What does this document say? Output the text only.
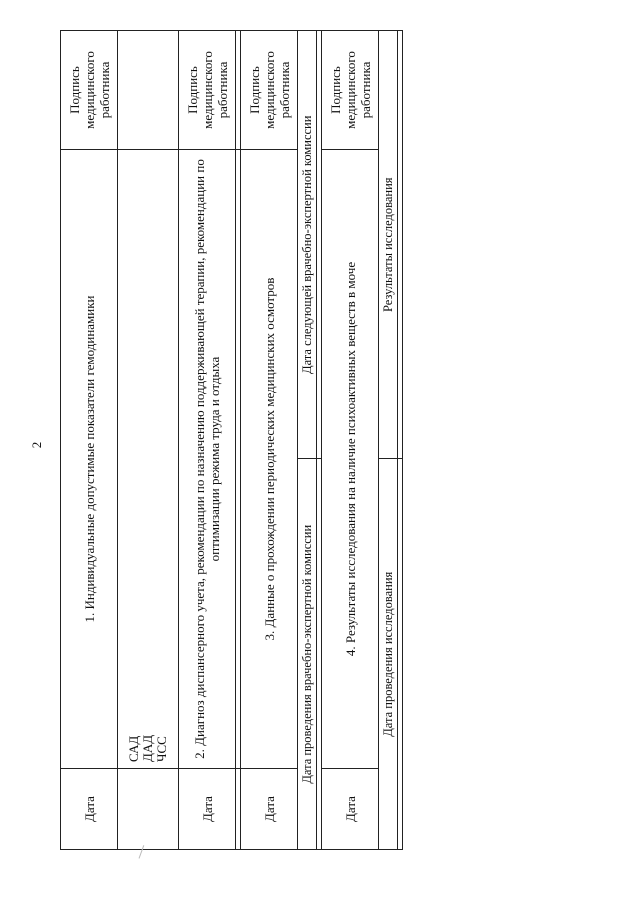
2
Дата	1. Индивидуальные допустимые показатели гемодинамики		Подпись медицинского работника

	САД ДАД ЧСС		

Дата	2. Диагноз диспансерного учета, рекомендации по назначению поддерживающей терапии, рекомендации по оптимизации режима труда и отдыха		Подпись медицинского работника

Дата	3. Данные о прохождении периодических медицинских осмотров		Подпись медицинского работника
Дата проведения врачебно-экспертной комиссии		Дата следующей врачебно-экспертной комиссии	

Дата	4. Результаты исследования на наличие психоактивных веществ в моче		Подпись медицинского работника
Дата проведения исследования		Результаты исследования	
